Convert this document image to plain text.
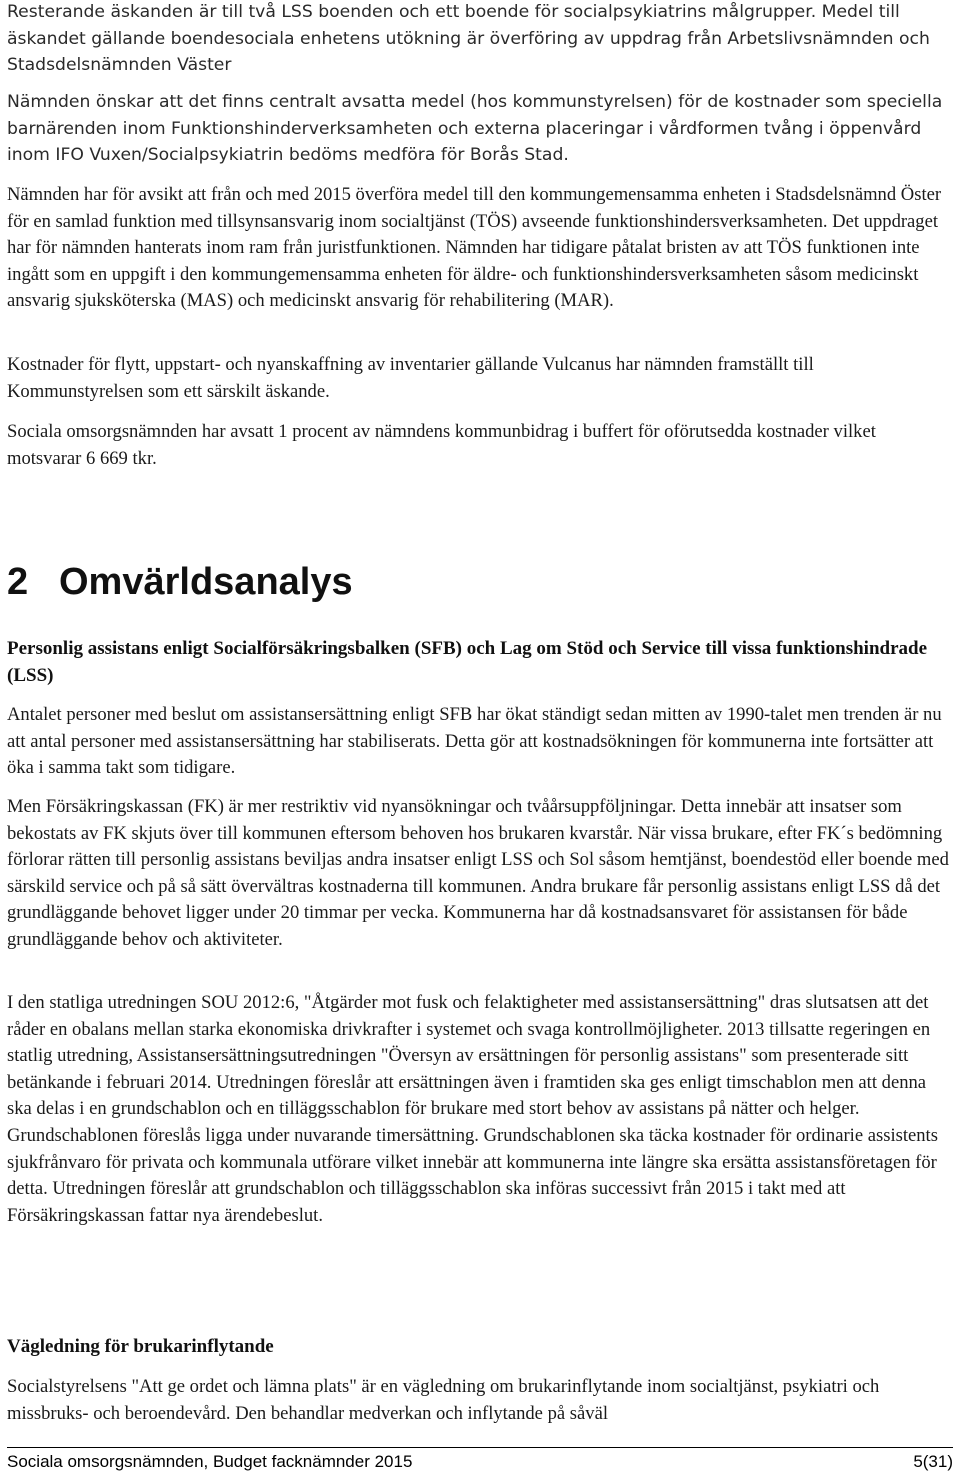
Resterande äskanden är till två LSS boenden och ett boende för socialpsykiatrins målgrupper. Medel till äskandet gällande boendesociala enhetens utökning är överföring av uppdrag från Arbetslivsnämnden och Stadsdelsnämnden Väster

Nämnden önskar att det finns centralt avsatta medel (hos kommunstyrelsen) för de kostnader som speciella barnärenden inom Funktionshinderverksamheten och externa placeringar i vårdformen tvång i öppenvård inom IFO Vuxen/Socialpsykiatrin bedöms medföra för Borås Stad.

Nämnden har för avsikt att från och med 2015 överföra medel till den kommungemensamma enheten i Stadsdelsnämnd Öster för en samlad funktion med tillsynsansvarig inom socialtjänst (TÖS) avseende funktionshindersverksamheten. Det uppdraget har för nämnden hanterats inom ram från juristfunktionen. Nämnden har tidigare påtalat bristen av att TÖS funktionen inte ingått som en uppgift i den kommungemensamma enheten för äldre- och funktionshindersverksamheten såsom medicinskt ansvarig sjuksköterska (MAS) och medicinskt ansvarig för rehabilitering (MAR).

Kostnader för flytt, uppstart- och nyanskaffning av inventarier gällande Vulcanus har nämnden framställt till Kommunstyrelsen som ett särskilt äskande.

Sociala omsorgsnämnden har avsatt 1 procent av nämndens kommunbidrag i buffert för oförutsedda kostnader vilket motsvarar 6 669 tkr.

2 Omvärldsanalys

Personlig assistans enligt Socialförsäkringsbalken (SFB) och Lag om Stöd och Service till vissa funktionshindrade (LSS)

Antalet personer med beslut om assistansersättning enligt SFB har ökat ständigt sedan mitten av 1990-talet men trenden är nu att antal personer med assistansersättning har stabiliserats. Detta gör att kostnadsökningen för kommunerna inte fortsätter att öka i samma takt som tidigare.

Men Försäkringskassan (FK) är mer restriktiv vid nyansökningar och tvåårsuppföljningar. Detta innebär att insatser som bekostats av FK skjuts över till kommunen eftersom behoven hos brukaren kvarstår. När vissa brukare, efter FK´s bedömning förlorar rätten till personlig assistans beviljas andra insatser enligt LSS och Sol såsom hemtjänst, boendestöd eller boende med särskild service och på så sätt övervältras kostnaderna till kommunen. Andra brukare får personlig assistans enligt LSS då det grundläggande behovet ligger under 20 timmar per vecka. Kommunerna har då kostnadsansvaret för assistansen för både grundläggande behov och aktiviteter.

I den statliga utredningen SOU 2012:6, "Åtgärder mot fusk och felaktigheter med assistansersättning" dras slutsatsen att det råder en obalans mellan starka ekonomiska drivkrafter i systemet och svaga kontrollmöjligheter. 2013 tillsatte regeringen en statlig utredning, Assistansersättningsutredningen "Översyn av ersättningen för personlig assistans" som presenterade sitt betänkande i februari 2014. Utredningen föreslår att ersättningen även i framtiden ska ges enligt timschablon men att denna ska delas i en grundschablon och en tilläggsschablon för brukare med stort behov av assistans på nätter och helger. Grundschablonen föreslås ligga under nuvarande timersättning. Grundschablonen ska täcka kostnader för ordinarie assistents sjukfrånvaro för privata och kommunala utförare vilket innebär att kommunerna inte längre ska ersätta assistansföretagen för detta. Utredningen föreslår att grundschablon och tilläggsschablon ska införas successivt från 2015 i takt med att Försäkringskassan fattar nya ärendebeslut.

Vägledning för brukarinflytande

Socialstyrelsens "Att ge ordet och lämna plats" är en vägledning om brukarinflytande inom socialtjänst, psykiatri och missbruks- och beroendevård. Den behandlar medverkan och inflytande på såväl

Sociala omsorgsnämnden, Budget facknämnder 2015	5(31)
